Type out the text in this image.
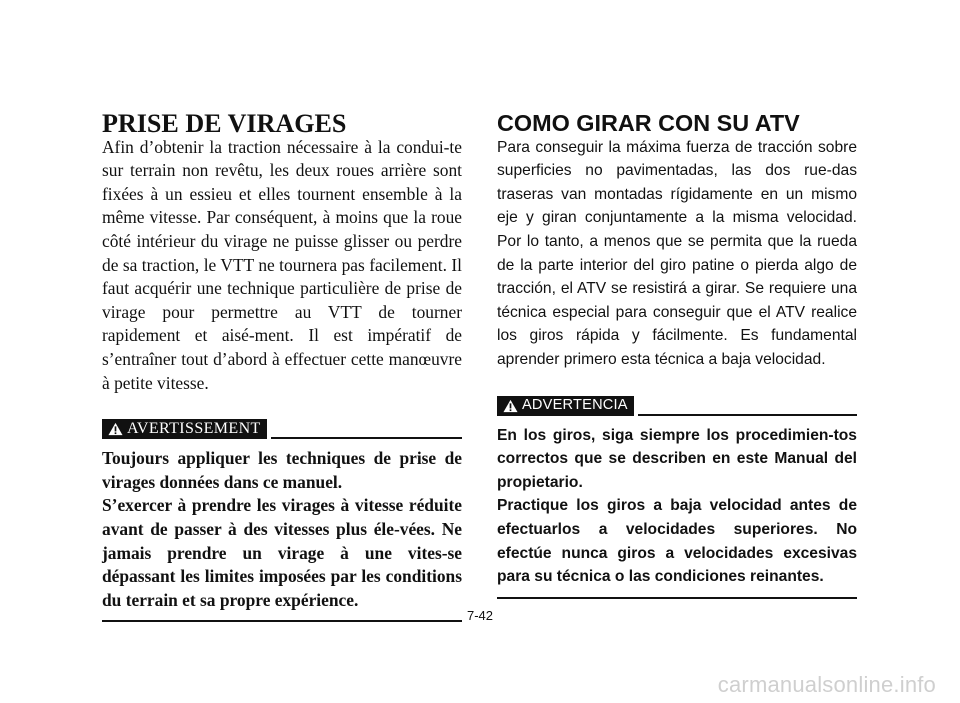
PRISE DE VIRAGES

Afin d’obtenir la traction nécessaire à la condui-te sur terrain non revêtu, les deux roues arrière sont fixées à un essieu et elles tournent ensemble à la même vitesse. Par conséquent, à moins que la roue côté intérieur du virage ne puisse glisser ou perdre de sa traction, le VTT ne tournera pas facilement. Il faut acquérir une technique particulière de prise de virage pour permettre au VTT de tourner rapidement et aisé-ment. Il est impératif de s’entraîner tout d’abord à effectuer cette manœuvre à petite vitesse.

AVERTISSEMENT

Toujours appliquer les techniques de prise de virages données dans ce manuel.

S’exercer à prendre les virages à vitesse réduite avant de passer à des vitesses plus éle-vées. Ne jamais prendre un virage à une vites-se dépassant les limites imposées par les conditions du terrain et sa propre expérience.

COMO GIRAR CON SU ATV

Para conseguir la máxima fuerza de tracción sobre superficies no pavimentadas, las dos rue-das traseras van montadas rígidamente en un mismo eje y giran conjuntamente a la misma velocidad. Por lo tanto, a menos que se permita que la rueda de la parte interior del giro patine o pierda algo de tracción, el ATV se resistirá a girar. Se requiere una técnica especial para conseguir que el ATV realice los giros rápida y fácilmente. Es fundamental aprender primero esta técnica a baja velocidad.

ADVERTENCIA

En los giros, siga siempre los procedimien-tos correctos que se describen en este Manual del propietario.

Practique los giros a baja velocidad antes de efectuarlos a velocidades superiores. No efectúe nunca giros a velocidades excesivas para su técnica o las condiciones reinantes.

7-42
carmanualsonline.info
